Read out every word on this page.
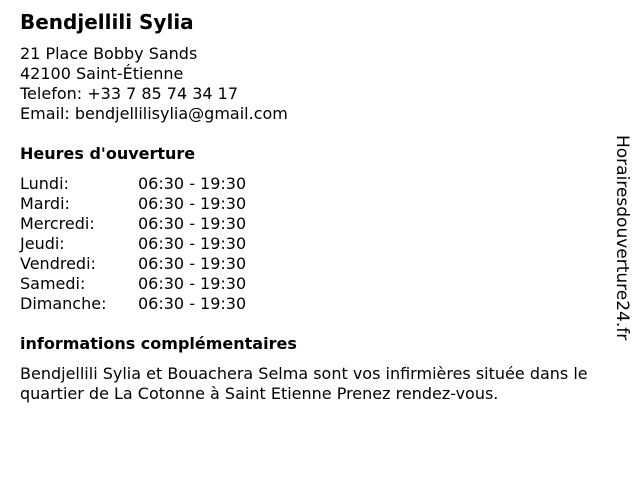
Bendjellili Sylia
21 Place Bobby Sands
42100 Saint-Étienne
Telefon: +33 7 85 74 34 17
Email: bendjellilisylia@gmail.com
Heures d'ouverture
Lundi:	06:30 - 19:30
Mardi:	06:30 - 19:30
Mercredi:	06:30 - 19:30
Jeudi:	06:30 - 19:30
Vendredi:	06:30 - 19:30
Samedi:	06:30 - 19:30
Dimanche:	06:30 - 19:30
informations complémentaires
Bendjellili Sylia et Bouachera Selma sont vos infirmières située dans le quartier de La Cotonne à Saint Etienne Prenez rendez-vous.
Horairesdouverture24.fr
